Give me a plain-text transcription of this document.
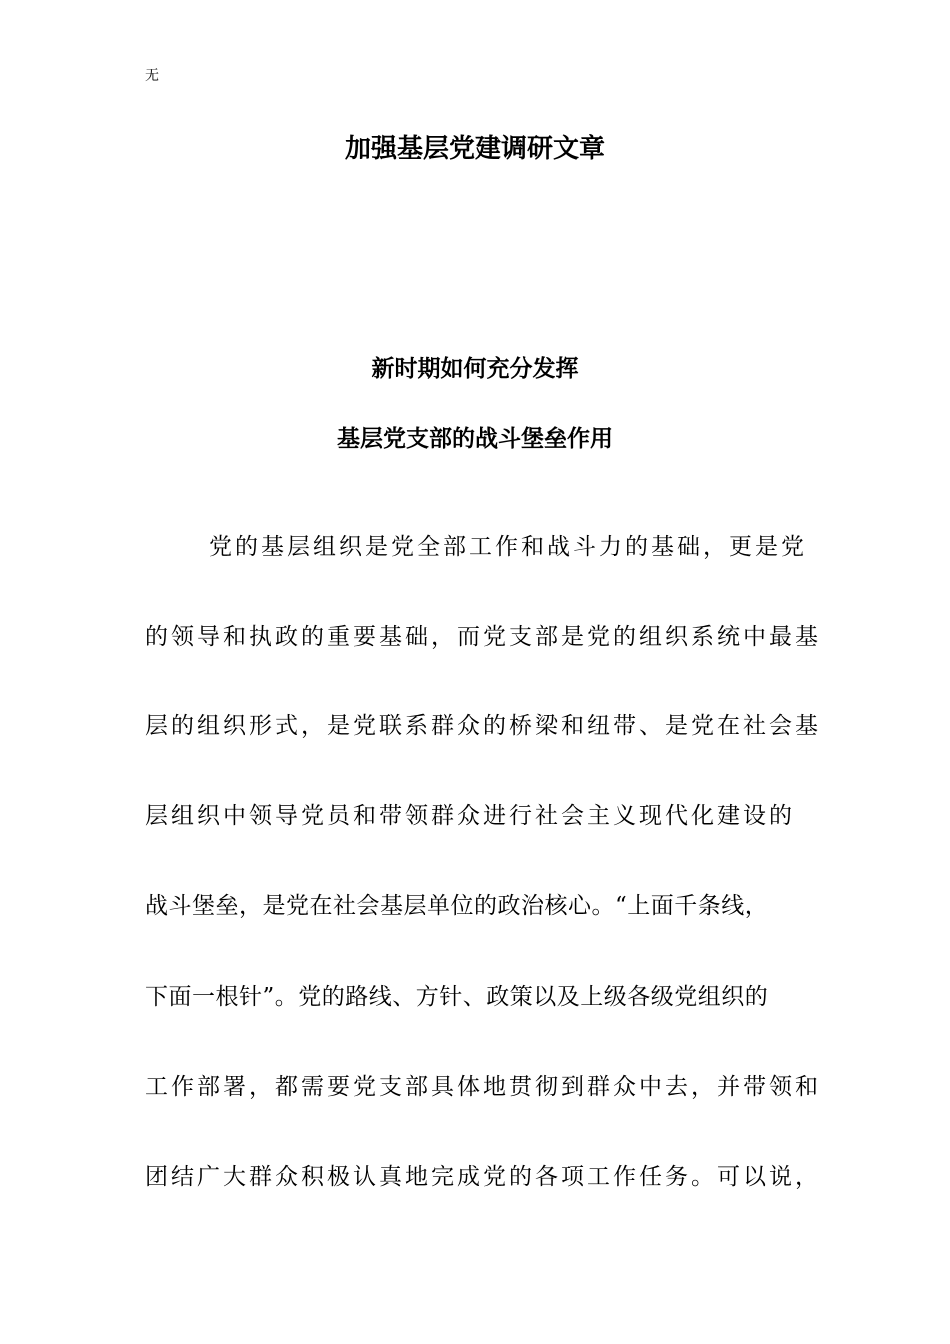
无
加强基层党建调研文章
新时期如何充分发挥
基层党支部的战斗堡垒作用
党的基层组织是党全部工作和战斗力的基础，更是党
的领导和执政的重要基础，而党支部是党的组织系统中最基
层的组织形式，是党联系群众的桥梁和纽带、是党在社会基
层组织中领导党员和带领群众进行社会主义现代化建设的
战斗堡垒，是党在社会基层单位的政治核心。“上面千条线，
下面一根针”。党的路线、方针、政策以及上级各级党组织的
工作部署，都需要党支部具体地贯彻到群众中去，并带领和
团结广大群众积极认真地完成党的各项工作任务。可以说，
